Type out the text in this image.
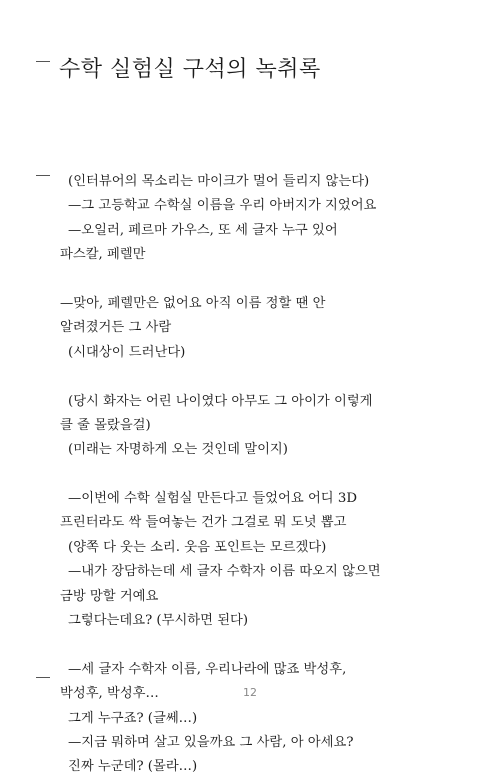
수학 실험실 구석의 녹취록
(인터뷰어의 목소리는 마이크가 멀어 들리지 않는다)
—그 고등학교 수학실 이름을 우리 아버지가 지었어요
—오일러, 페르마 가우스, 또 세 글자 누구 있어
파스칼, 페렐만

—맞아, 페렐만은 없어요 아직 이름 정할 땐 안
알려졌거든 그 사람
(시대상이 드러난다)

(당시 화자는 어린 나이였다 아무도 그 아이가 이렇게
클 줄 몰랐을걸)
(미래는 자명하게 오는 것인데 말이지)

—이번에 수학 실험실 만든다고 들었어요 어디 3D
프린터라도 싹 들여놓는 건가 그걸로 뭐 도넛 뽑고
(양쪽 다 웃는 소리. 웃음 포인트는 모르겠다)
—내가 장담하는데 세 글자 수학자 이름 따오지 않으면
금방 망할 거예요
그렇다는데요? (무시하면 된다)

—세 글자 수학자 이름, 우리나라에 많죠 박성후,
박성후, 박성후…
그게 누구죠? (글쎄…)
—지금 뭐하며 살고 있을까요 그 사람, 아 아세요?
진짜 누군데? (몰라…)
12
